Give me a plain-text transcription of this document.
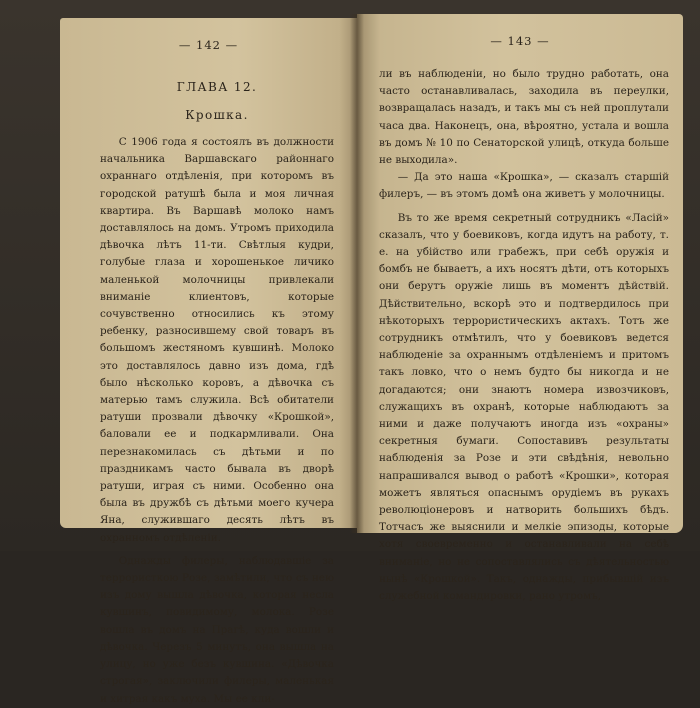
— 142 —

ГЛАВА 12.

Крошка.

С 1906 года я состоялъ въ должности начальника Варшавскаго районнаго охраннаго отдѣленія, при которомъ въ городской ратушѣ была и моя личная квартира. Въ Варшавѣ молоко намъ доставлялось на домъ. Утромъ приходила дѣвочка лѣтъ 11-ти. Свѣтлыя кудри, голубые глаза и хорошенькое личико маленькой молочницы привлекали вниманіе клиентовъ, которые сочувственно относились къ этому ребенку, разносившему свой товаръ въ большомъ жестяномъ кувшинѣ. Молоко это доставлялось давно изъ дома, гдѣ было нѣсколько коровъ, а дѣвочка съ матерью тамъ служила. Всѣ обитатели ратуши прозвали дѣвочку «Крошкой», баловали ее и подкармливали. Она перезнакомилась съ дѣтьми и по праздникамъ часто бывала въ дворѣ ратуши, играя съ ними. Особенно она была въ дружбѣ съ дѣтьми моего кучера Яна, служившаго десять лѣтъ въ охранномъ отдѣленіи.

Однажды филеры, наблюдавшіе за террористкою Розе, замѣтили, что съ нею изъ дому вышла дѣвочка, которая несла кувшинъ, повидимому, молока. Розе вошла въ домъ на Прагѣ, куда вошли и дѣвочка. Черезъ 5 минутъ, она вышла на улицу, но уже безъ кувшина. «Дѣвочка строгая», заключили филеры, маленькая и хитрая какъ муха. Мы ее кли-

— 143 —

ли въ наблюденіи, но было трудно работать, она часто останавливалась, заходила въ переулки, возвращалась назадъ, и такъ мы съ ней проплутали часа два. Наконецъ, она, вѣроятно, устала и вошла въ домъ № 10 по Сенаторской улицѣ, откуда больше не выходила».

— Да это наша «Крошка», — сказалъ старшій филеръ, — въ этомъ домѣ она живетъ у молочницы.

Въ то же время секретный сотрудникъ «Ласій» сказалъ, что у боевиковъ, когда идутъ на работу, т. е. на убійство или грабежъ, при себѣ оружія и бомбъ не бываетъ, а ихъ носятъ дѣти, отъ которыхъ они берутъ оружіе лишь въ моментъ дѣйствій. Дѣйствительно, вскорѣ это и подтвердилось при нѣкоторыхъ террористическихъ актахъ. Тотъ же сотрудникъ отмѣтилъ, что у боевиковъ ведется наблюденіе за охраннымъ отдѣленіемъ и притомъ такъ ловко, что о немъ будто бы никогда и не догадаются; они знаютъ номера извозчиковъ, служащихъ въ охранѣ, которые наблюдаютъ за ними и даже получаютъ иногда изъ «охраны» секретныя бумаги. Сопоставивъ результаты наблюденія за Розе и эти свѣдѣнія, невольно напрашивался вывод о работѣ «Крошки», которая можетъ являться опаснымъ орудіемъ въ рукахъ революціонеровъ и натворить большихъ бѣдъ. Тотчасъ же выяснили и мелкіе эпизоды, которые хотя своевременно и останавливали на себѣ вниманіе, но не сопоставлялись съ дѣятельностью нынѣ «Крошкой». Такъ, однажды, прибывшій изъ служебной командировки, рано утромъ,
